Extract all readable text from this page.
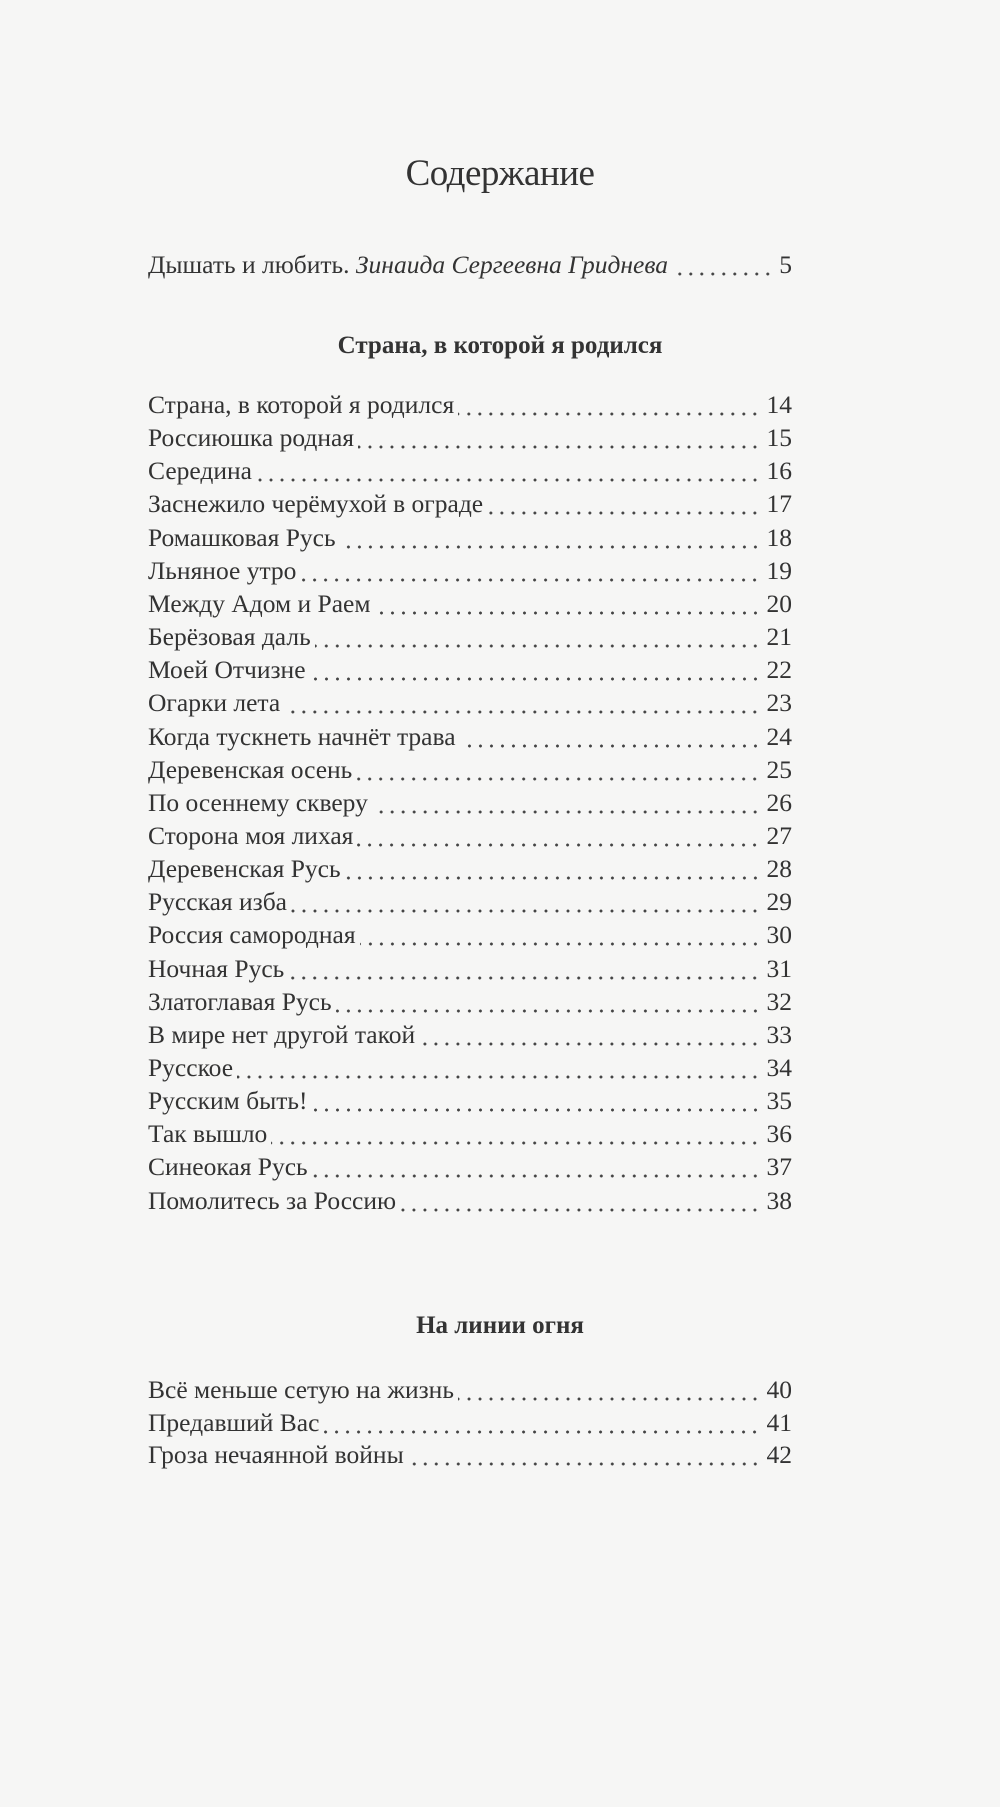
Содержание
Дышать и любить. Зинаида Сергеевна Гриднева	5
Страна, в которой я родился
Страна, в которой я родился	14
Россиюшка родная	15
Середина	16
Заснежило черёмухой в ограде	17
Ромашковая Русь	18
Льняное утро	19
Между Адом и Раем	20
Берёзовая даль	21
Моей Отчизне	22
Огарки лета	23
Когда тускнеть начнёт трава	24
Деревенская осень	25
По осеннему скверу	26
Сторона моя лихая	27
Деревенская Русь	28
Русская изба	29
Россия самородная	30
Ночная Русь	31
Златоглавая Русь	32
В мире нет другой такой	33
Русское	34
Русским быть!	35
Так вышло	36
Синеокая Русь	37
Помолитесь за Россию	38
На линии огня
Всё меньше сетую на жизнь	40
Предавший Вас	41
Гроза нечаянной войны	42
